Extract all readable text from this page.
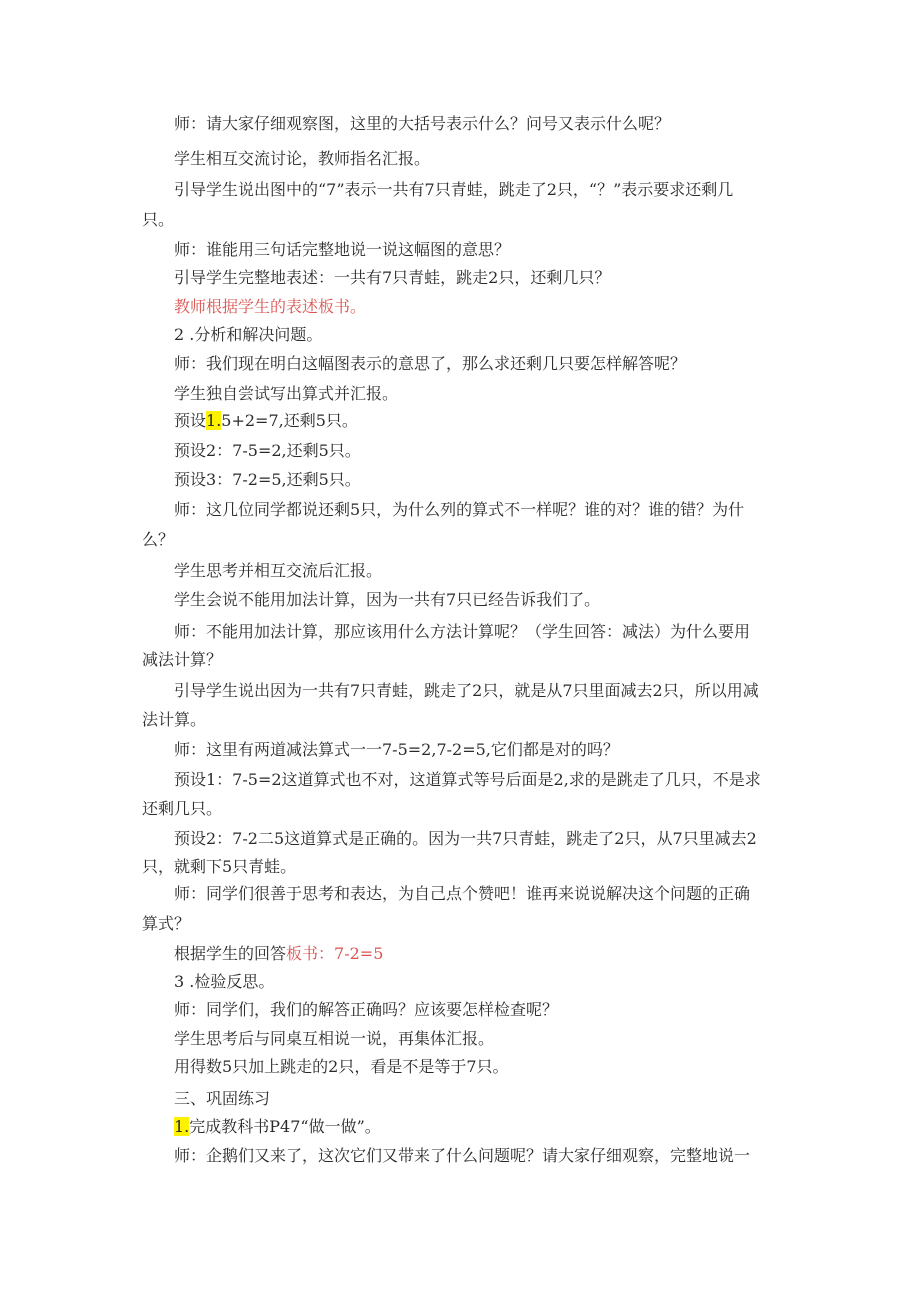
师：请大家仔细观察图，这里的大括号表示什么？问号又表示什么呢？
学生相互交流讨论，教师指名汇报。
引导学生说出图中的“7”表示一共有7只青蛙，跳走了2只，“？”表示要求还剩几
只。
师：谁能用三句话完整地说一说这幅图的意思？
引导学生完整地表述：一共有7只青蛙，跳走2只，还剩几只？
教师根据学生的表述板书。
2 .分析和解决问题。
师：我们现在明白这幅图表示的意思了，那么求还剩几只要怎样解答呢？
学生独自尝试写出算式并汇报。
预设1.5+2=7,还剩5只。
预设2：7-5=2,还剩5只。
预设3：7-2=5,还剩5只。
师：这几位同学都说还剩5只，为什么列的算式不一样呢？谁的对？谁的错？为什
么？
学生思考并相互交流后汇报。
学生会说不能用加法计算，因为一共有7只已经告诉我们了。
师：不能用加法计算，那应该用什么方法计算呢？（学生回答：减法）为什么要用
减法计算？
引导学生说出因为一共有7只青蛙，跳走了2只，就是从7只里面减去2只，所以用减
法计算。
师：这里有两道减法算式一一7-5=2,7-2=5,它们都是对的吗？
预设1：7-5=2这道算式也不对，这道算式等号后面是2,求的是跳走了几只，不是求
还剩几只。
预设2：7-2二5这道算式是正确的。因为一共7只青蛙，跳走了2只，从7只里减去2
只，就剩下5只青蛙。
师：同学们很善于思考和表达，为自己点个赞吧！谁再来说说解决这个问题的正确
算式？
根据学生的回答板书：7-2=5
3 .检验反思。
师：同学们，我们的解答正确吗？应该要怎样检查呢？
学生思考后与同桌互相说一说，再集体汇报。
用得数5只加上跳走的2只，看是不是等于7只。
三、巩固练习
1.完成教科书P47“做一做”。
师：企鹅们又来了，这次它们又带来了什么问题呢？请大家仔细观察，完整地说一
